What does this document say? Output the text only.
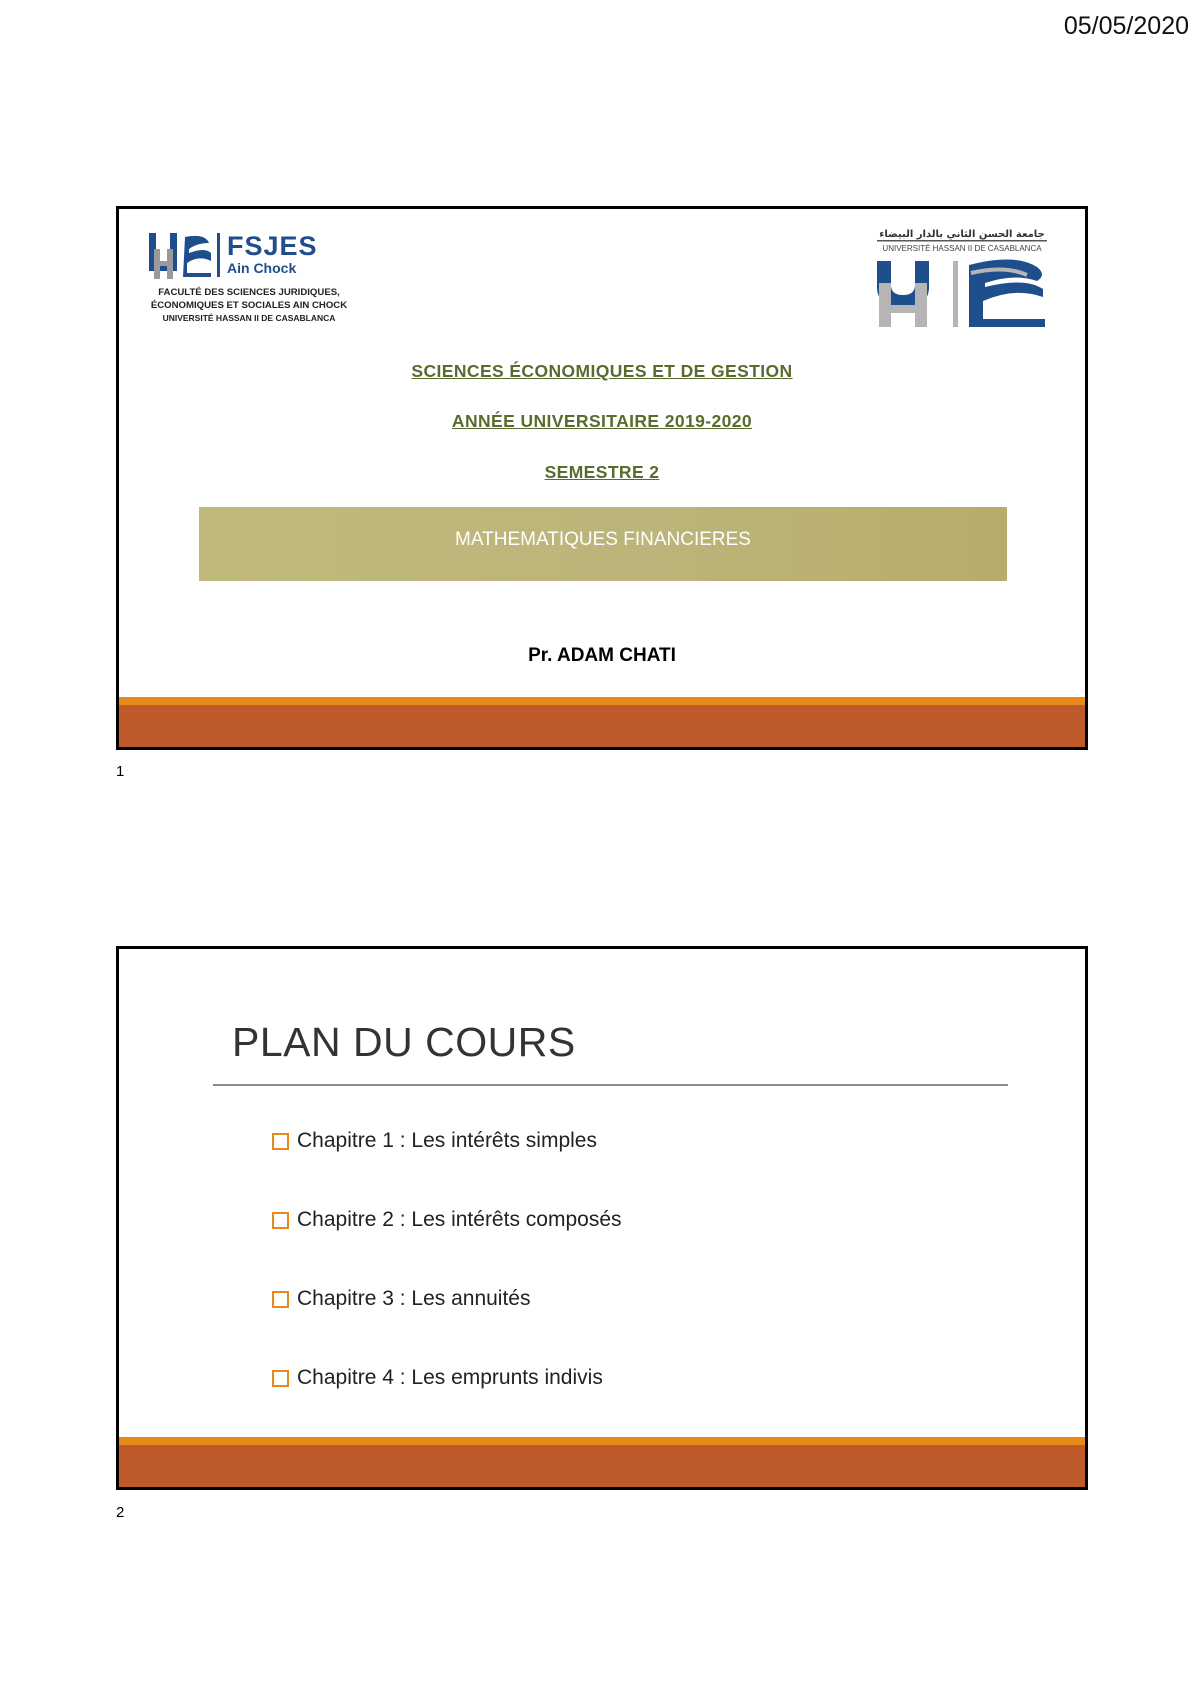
05/05/2020
FSJES
Ain Chock
FACULTÉ DES SCIENCES JURIDIQUES,
ÉCONOMIQUES ET SOCIALES AIN CHOCK
UNIVERSITÉ HASSAN II DE CASABLANCA
جامعة الحسن الثاني بالدار البيضاء
UNIVERSITÉ HASSAN II DE CASABLANCA
SCIENCES ÉCONOMIQUES ET DE GESTION
ANNÉE UNIVERSITAIRE 2019-2020
SEMESTRE 2
MATHEMATIQUES FINANCIERES
Pr. ADAM CHATI
1
PLAN DU COURS
Chapitre 1 : Les intérêts simples
Chapitre 2 : Les intérêts composés
Chapitre 3 : Les annuités
Chapitre 4 : Les emprunts indivis
2
